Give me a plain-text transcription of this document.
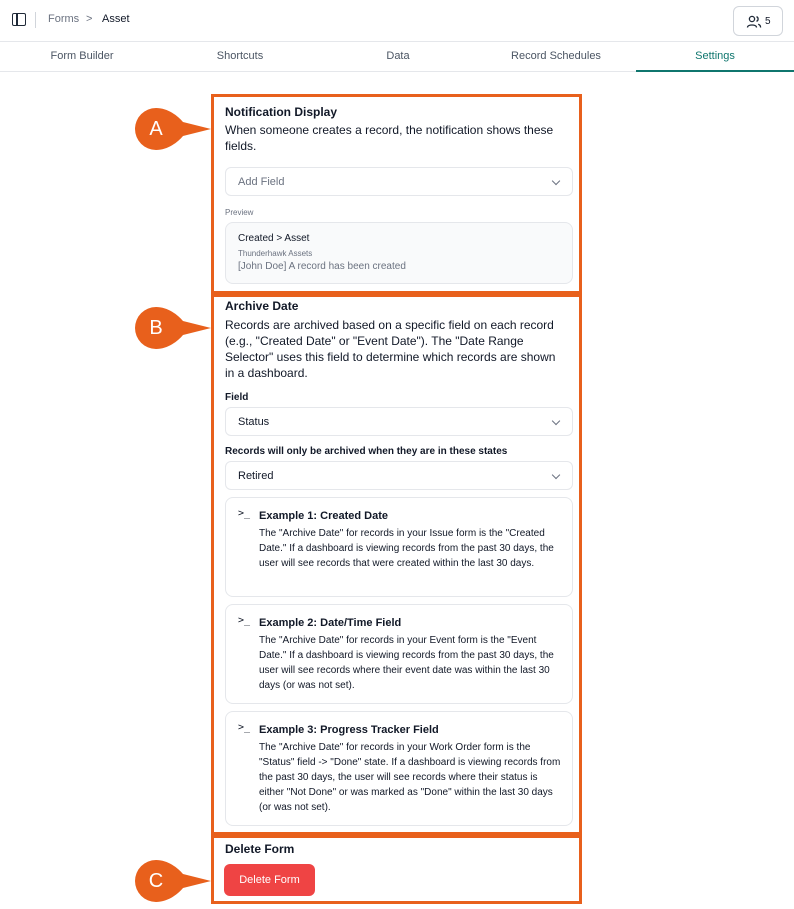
Forms > Asset	5
Form Builder	Shortcuts	Data	Record Schedules	Settings
Notification Display
When someone creates a record, the notification shows these fields.
Add Field
Preview
Created > Asset
Thunderhawk Assets
[John Doe] A record has been created
Archive Date
Records are archived based on a specific field on each record (e.g., "Created Date" or "Event Date"). The "Date Range Selector" uses this field to determine which records are shown in a dashboard.
Field
Status
Records will only be archived when they are in these states
Retired
>_ Example 1: Created Date
The "Archive Date" for records in your Issue form is the "Created Date." If a dashboard is viewing records from the past 30 days, the user will see records that were created within the last 30 days.
>_ Example 2: Date/Time Field
The "Archive Date" for records in your Event form is the "Event Date." If a dashboard is viewing records from the past 30 days, the user will see records where their event date was within the last 30 days (or was not set).
>_ Example 3: Progress Tracker Field
The "Archive Date" for records in your Work Order form is the "Status" field -> "Done" state. If a dashboard is viewing records from the past 30 days, the user will see records where their status is either "Not Done" or was marked as "Done" within the last 30 days (or was not set).
Delete Form
Delete Form
A
B
C
